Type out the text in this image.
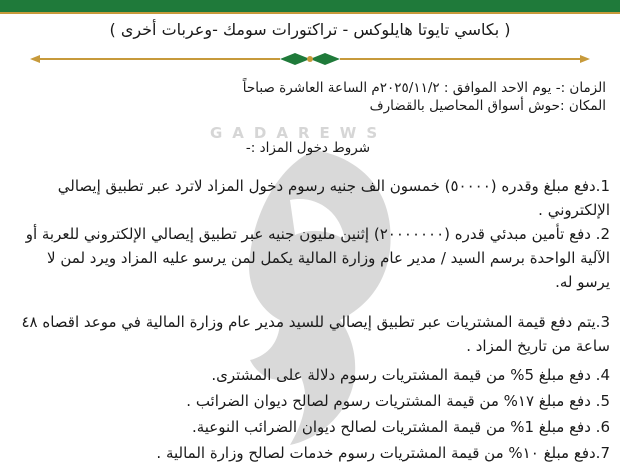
( بكاسي تايوتا هايلوكس - تراكتورات سومك -وعربات أخرى )
GADAREWS
الزمان :- يوم الاحد الموافق : ٢٠٢٥/١١/٢م الساعة العاشرة صباحاً
المكان :حوش أسواق المحاصيل بالقضارف
شروط دخول المزاد :-
1.دفع مبلغ وقدره (٥٠٠٠٠) خمسون الف جنيه رسوم دخول المزاد لاترد عبر تطبيق إيصالي الإلكتروني .
2. دفع تأمين مبدئي قدره (٢٠٠٠٠٠٠٠) إثنين مليون جنيه عبر تطبيق إيصالي الإلكتروني للعربة أو الآلية الواحدة برسم السيد / مدير عام وزارة المالية يكمل لمن يرسو عليه المزاد ويرد لمن لا يرسو له.
3.يتم دفع قيمة المشتريات عبر تطبيق إيصالي للسيد مدير عام وزارة المالية في موعد اقصاه ٤٨ ساعة من تاريخ المزاد .
4. دفع مبلغ 5% من قيمة المشتريات رسوم دلالة على المشترى.
5. دفع مبلغ ١٧% من قيمة المشتريات رسوم لصالح ديوان الضرائب .
6. دفع مبلغ 1% من قيمة المشتريات لصالح ديوان الضرائب النوعية.
7.دفع مبلغ ١٠% من قيمة المشتريات رسوم خدمات لصالح وزارة المالية .
